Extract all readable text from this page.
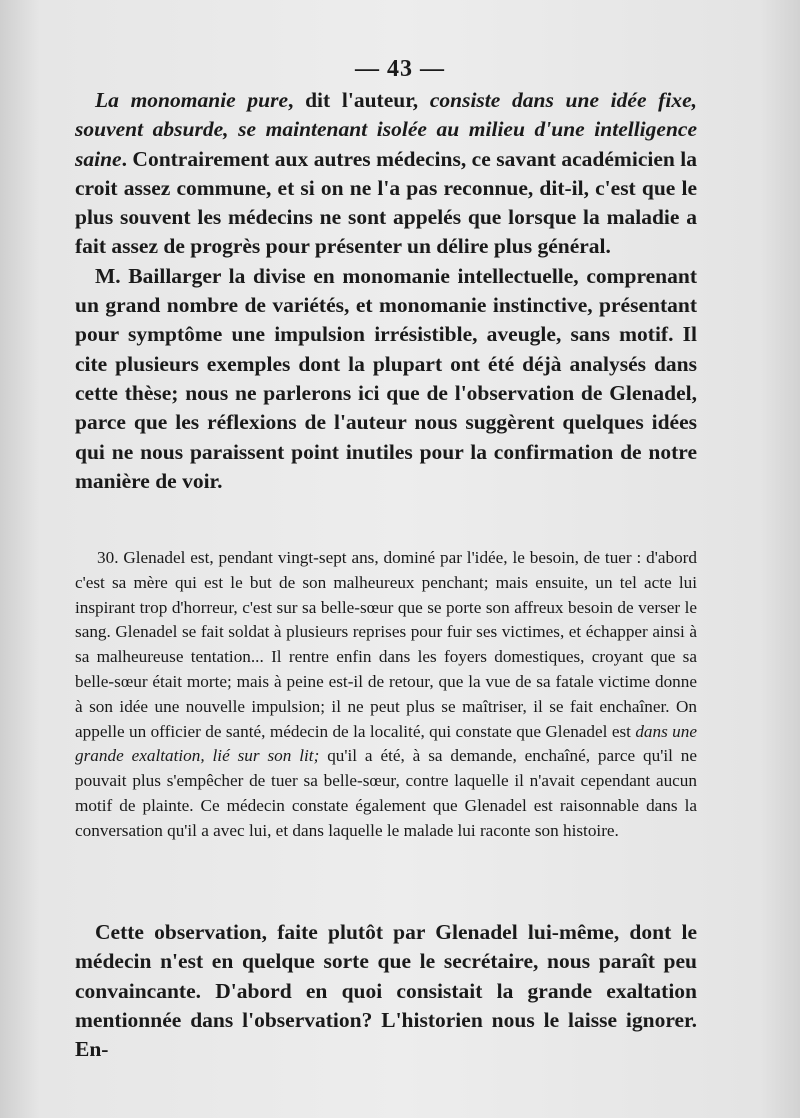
— 43 —

La monomanie pure, dit l'auteur, consiste dans une idée fixe, souvent absurde, se maintenant isolée au milieu d'une intelligence saine. Contrairement aux autres médecins, ce savant académicien la croit assez commune, et si on ne l'a pas reconnue, dit-il, c'est que le plus souvent les médecins ne sont appelés que lorsque la maladie a fait assez de progrès pour présenter un délire plus général.

M. Baillarger la divise en monomanie intellectuelle, comprenant un grand nombre de variétés, et monomanie instinctive, présentant pour symptôme une impulsion irrésistible, aveugle, sans motif. Il cite plusieurs exemples dont la plupart ont été déjà analysés dans cette thèse; nous ne parlerons ici que de l'observation de Glenadel, parce que les réflexions de l'auteur nous suggèrent quelques idées qui ne nous paraissent point inutiles pour la confirmation de notre manière de voir.

30. Glenadel est, pendant vingt-sept ans, dominé par l'idée, le besoin, de tuer : d'abord c'est sa mère qui est le but de son malheureux penchant; mais ensuite, un tel acte lui inspirant trop d'horreur, c'est sur sa belle-sœur que se porte son affreux besoin de verser le sang. Glenadel se fait soldat à plusieurs reprises pour fuir ses victimes, et échapper ainsi à sa malheureuse tentation... Il rentre enfin dans les foyers domestiques, croyant que sa belle-sœur était morte; mais à peine est-il de retour, que la vue de sa fatale victime donne à son idée une nouvelle impulsion; il ne peut plus se maîtriser, il se fait enchaîner. On appelle un officier de santé, médecin de la localité, qui constate que Glenadel est dans une grande exaltation, lié sur son lit; qu'il a été, à sa demande, enchaîné, parce qu'il ne pouvait plus s'empêcher de tuer sa belle-sœur, contre laquelle il n'avait cependant aucun motif de plainte. Ce médecin constate également que Glenadel est raisonnable dans la conversation qu'il a avec lui, et dans laquelle le malade lui raconte son histoire.

Cette observation, faite plutôt par Glenadel lui-même, dont le médecin n'est en quelque sorte que le secrétaire, nous paraît peu convaincante. D'abord en quoi consistait la grande exaltation mentionnée dans l'observation? L'historien nous le laisse ignorer. En-
